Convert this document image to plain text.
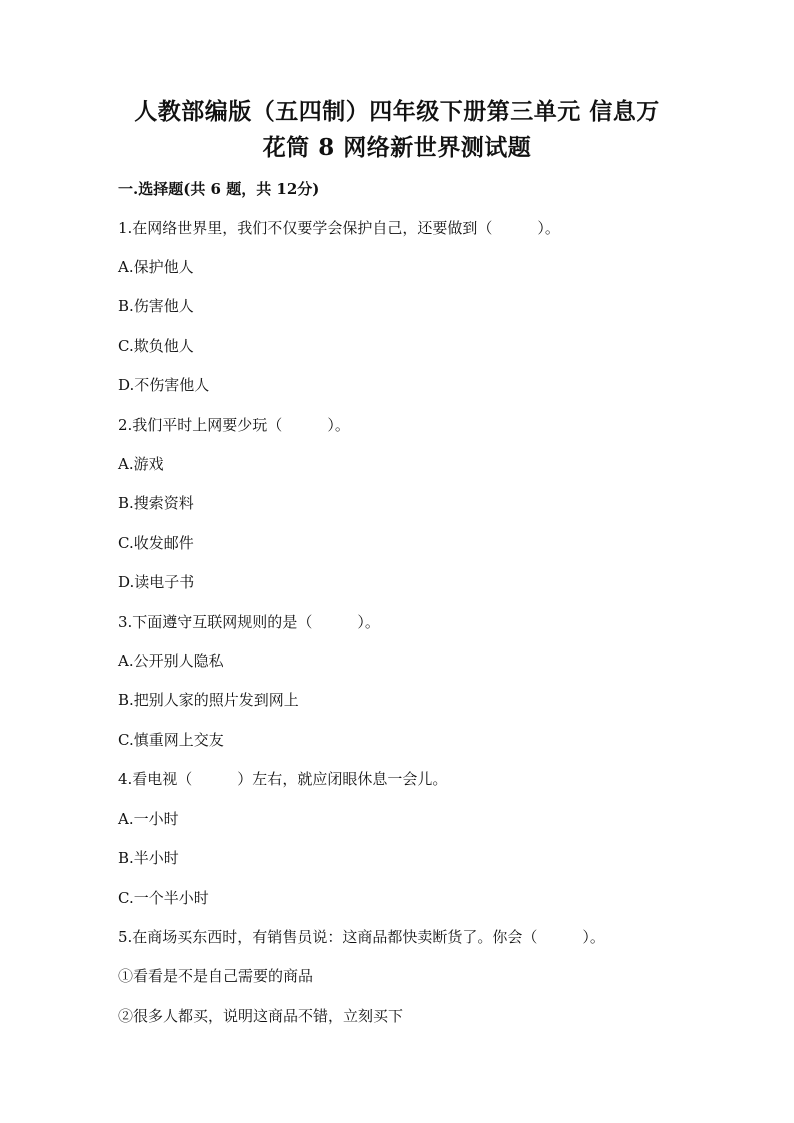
人教部编版（五四制）四年级下册第三单元 信息万
花筒 8 网络新世界测试题
一.选择题(共 6 题，共 12分)
1.在网络世界里，我们不仅要学会保护自己，还要做到（　　　）。
A.保护他人
B.伤害他人
C.欺负他人
D.不伤害他人
2.我们平时上网要少玩（　　　）。
A.游戏
B.搜索资料
C.收发邮件
D.读电子书
3.下面遵守互联网规则的是（　　　）。
A.公开别人隐私
B.把别人家的照片发到网上
C.慎重网上交友
4.看电视（　　　）左右，就应闭眼休息一会儿。
A.一小时
B.半小时
C.一个半小时
5.在商场买东西时，有销售员说：这商品都快卖断货了。你会（　　　）。
①看看是不是自己需要的商品
②很多人都买，说明这商品不错，立刻买下
